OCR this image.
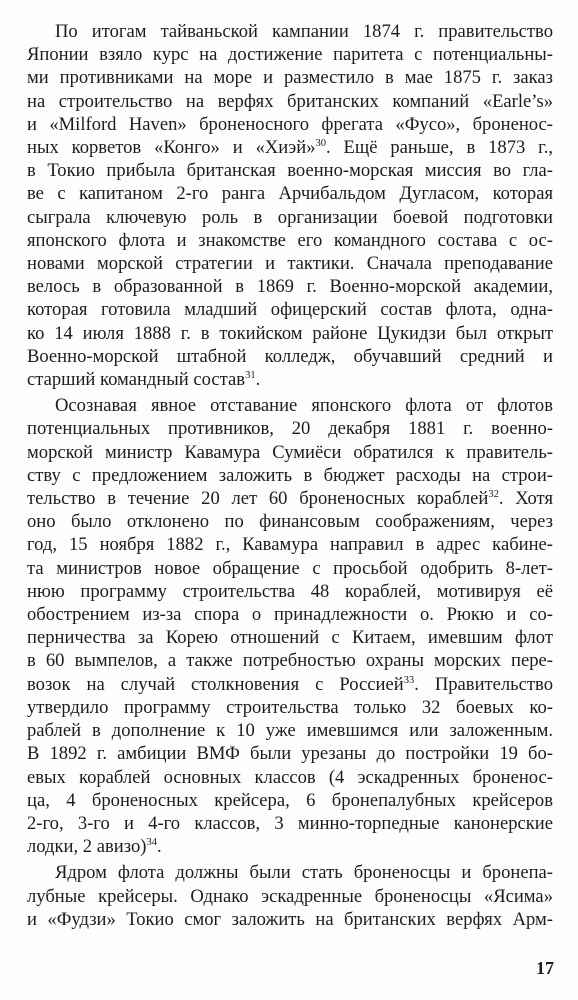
По итогам тайваньской кампании 1874 г. правительство
Японии взяло курс на достижение паритета с потенциальны-
ми противниками на море и разместило в мае 1875 г. заказ
на строительство на верфях британских компаний «Earle’s»
и «Milford Haven» броненосного фрегата «Фусо», броненос-
ных корветов «Конго» и «Хиэй»$^{30}$. Ещё раньше, в 1873 г.,
в Токио прибыла британская военно-морская миссия во гла-
ве с капитаном 2-го ранга Арчибальдом Дугласом, которая
сыграла ключевую роль в организации боевой подготовки
японского флота и знакомстве его командного состава с ос-
новами морской стратегии и тактики. Сначала преподавание
велось в образованной в 1869 г. Военно-морской академии,
которая готовила младший офицерский состав флота, одна-
ко 14 июля 1888 г. в токийском районе Цукидзи был открыт
Военно-морской штабной колледж, обучавший средний и
старший командный состав$^{31}$.

Осознавая явное отставание японского флота от флотов
потенциальных противников, 20 декабря 1881 г. военно-
морской министр Кавамура Сумиёси обратился к правитель-
ству с предложением заложить в бюджет расходы на строи-
тельство в течение 20 лет 60 броненосных кораблей$^{32}$. Хотя
оно было отклонено по финансовым соображениям, через
год, 15 ноября 1882 г., Кавамура направил в адрес кабине-
та министров новое обращение с просьбой одобрить 8-лет-
нюю программу строительства 48 кораблей, мотивируя её
обострением из-за спора о принадлежности о. Рюкю и со-
перничества за Корею отношений с Китаем, имевшим флот
в 60 вымпелов, а также потребностью охраны морских пере-
возок на случай столкновения с Россией$^{33}$. Правительство
утвердило программу строительства только 32 боевых ко-
раблей в дополнение к 10 уже имевшимся или заложенным.
В 1892 г. амбиции ВМФ были урезаны до постройки 19 бо-
евых кораблей основных классов (4 эскадренных броненос-
ца, 4 броненосных крейсера, 6 бронепалубных крейсеров
2-го, 3-го и 4-го классов, 3 минно-торпедные канонерские
лодки, 2 авизо)$^{34}$.

Ядром флота должны были стать броненосцы и бронепа-
лубные крейсеры. Однако эскадренные броненосцы «Ясима»
и «Фудзи» Токио смог заложить на британских верфях Арм-

17
